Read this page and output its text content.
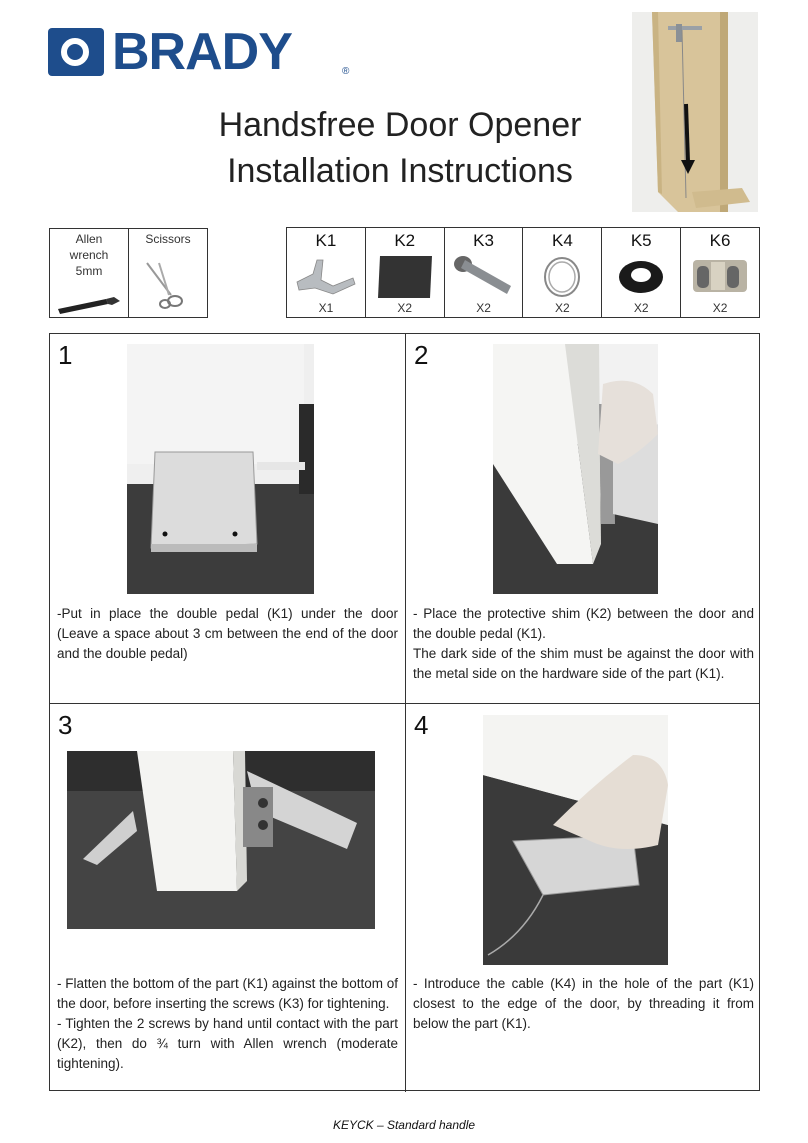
BRADY	®
Handsfree Door Opener
Installation Instructions
Allen wrench 5mm
Scissors	K1
X1
K2
X2
K3
X2
K4
X2
K5
X2
K6
X2
1

-Put in place the double pedal (K1) under the door (Leave a space about 3 cm between the end of the door and the double pedal)

2

- Place the protective shim (K2) between the door and the double pedal (K1).

The dark side of the shim must be against the door with the metal side on the hardware side of the part (K1).

3

- Flatten the bottom of the part (K1) against the bottom of the door, before inserting the screws (K3) for tightening.

- Tighten the 2 screws by hand until contact with the part (K2), then do ¾ turn with Allen wrench (moderate tightening).

4

- Introduce the cable (K4) in the hole of the part (K1) closest to the edge of the door, by threading it from below the part (K1).

KEYCK – Standard handle
